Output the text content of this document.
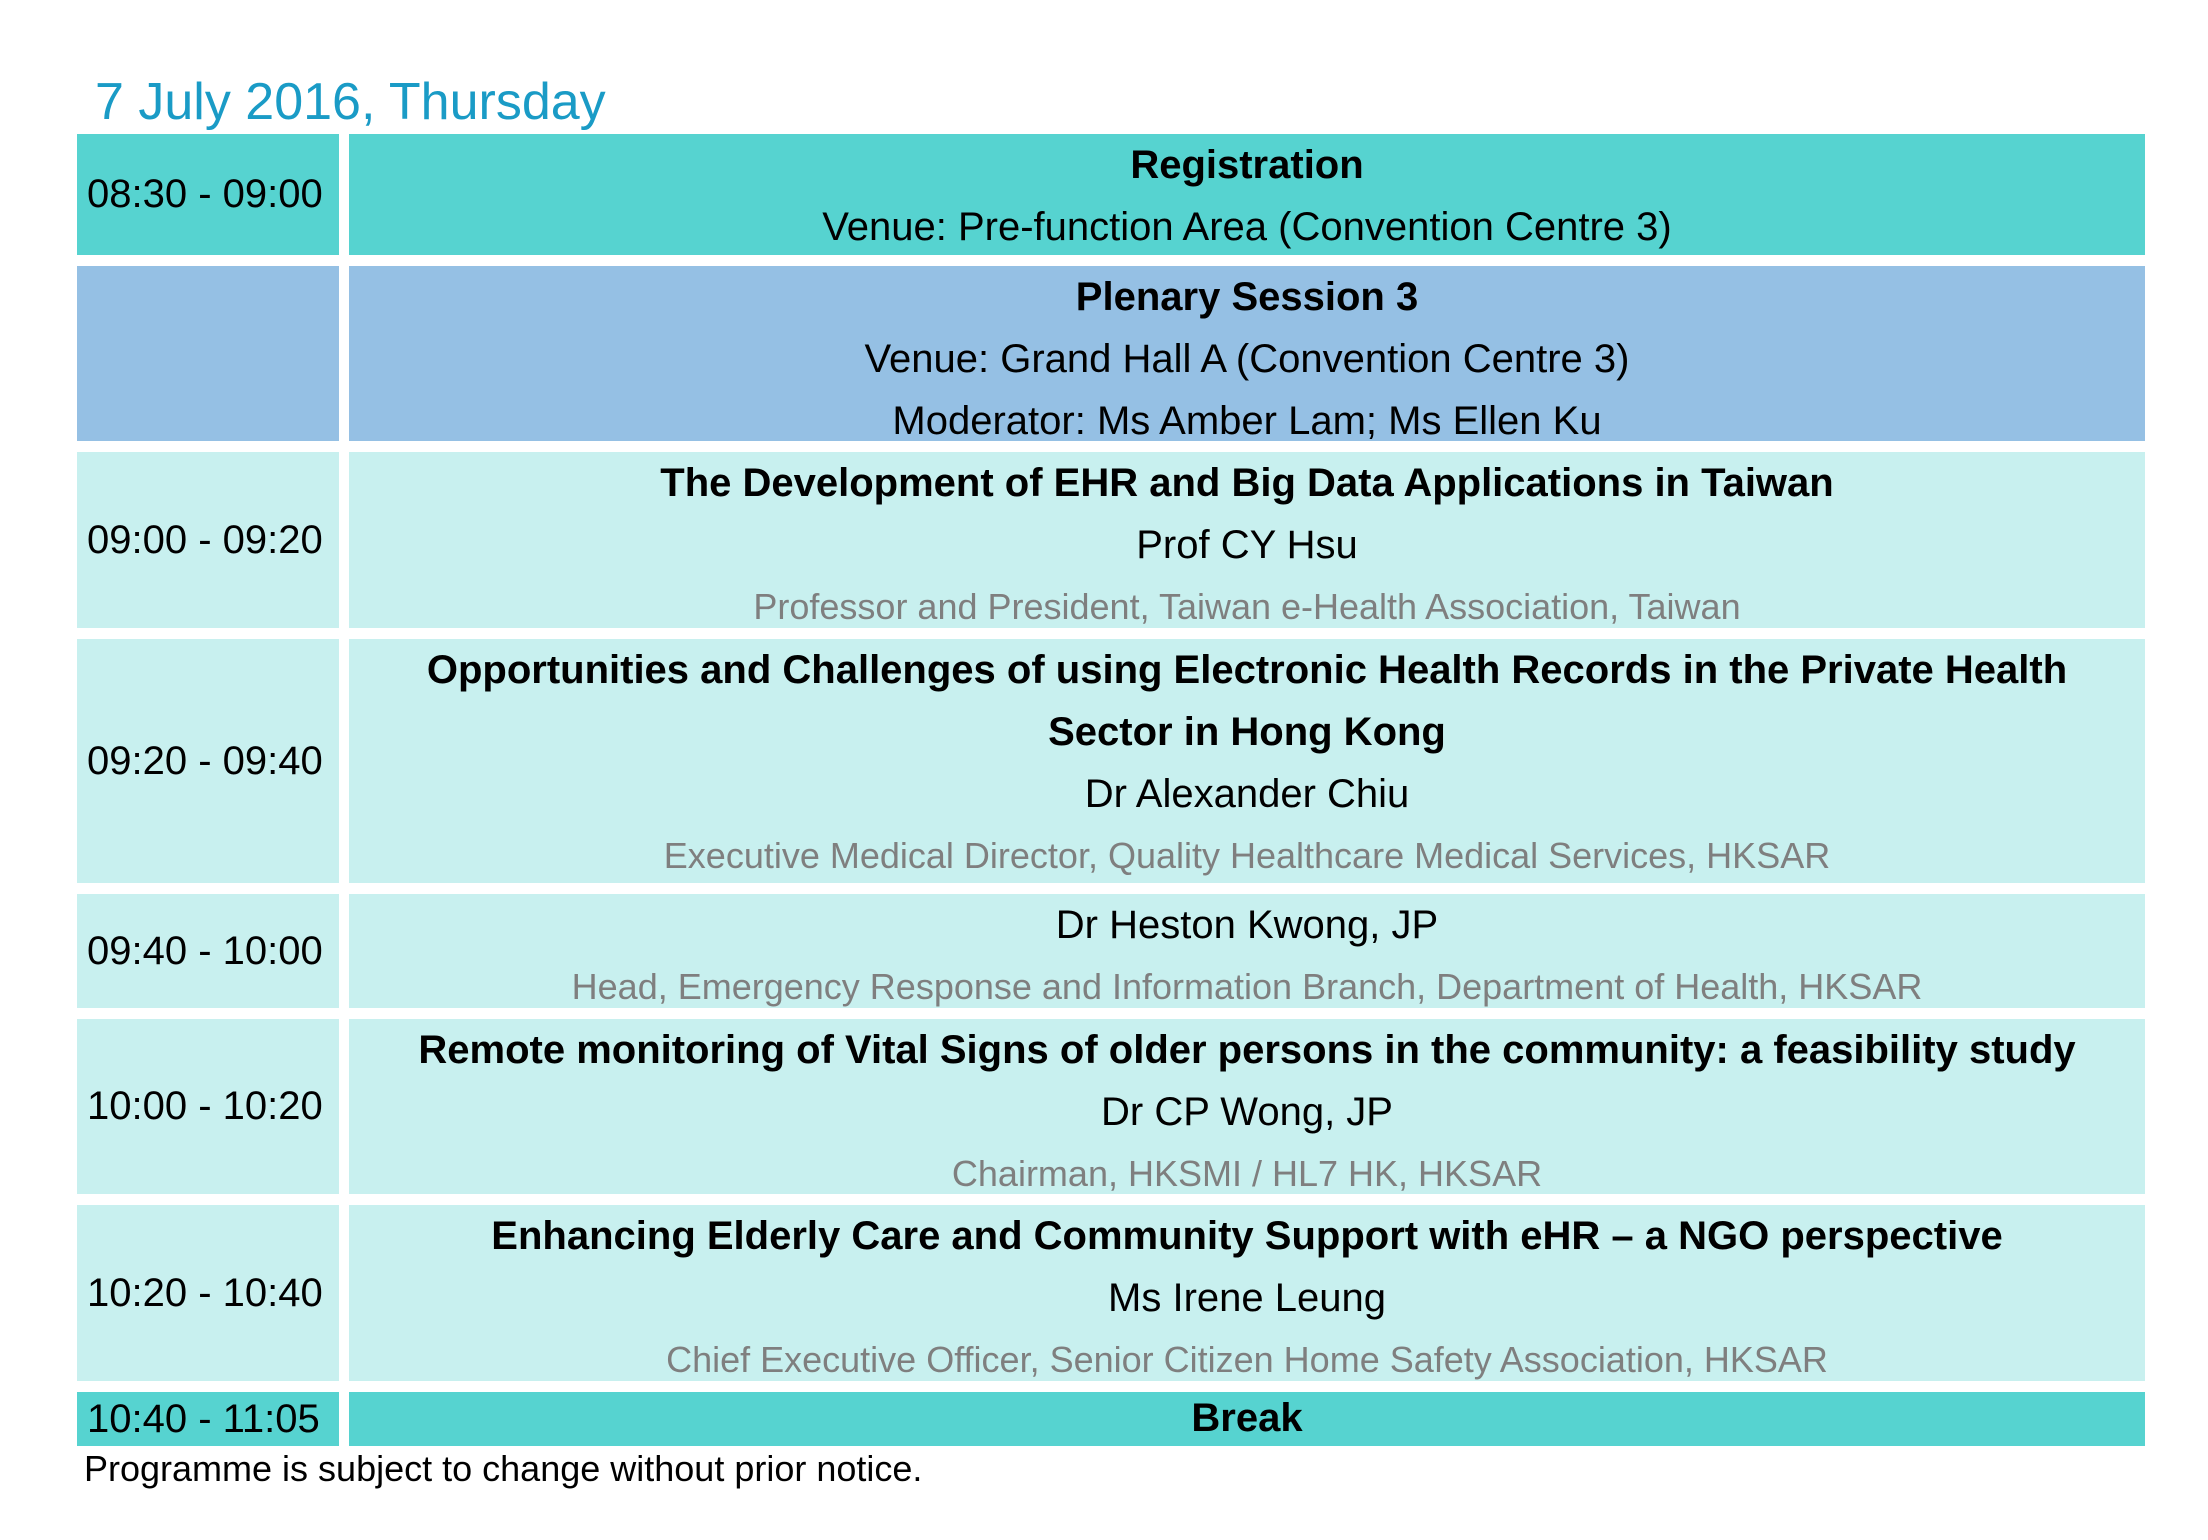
7 July 2016, Thursday
08:30 - 09:00
Registration
Venue: Pre-function Area (Convention Centre 3)
Plenary Session 3
Venue: Grand Hall A (Convention Centre 3)
Moderator: Ms Amber Lam; Ms Ellen Ku
09:00 - 09:20
The Development of EHR and Big Data Applications in Taiwan
Prof CY Hsu
Professor and President, Taiwan e-Health Association, Taiwan
09:20 - 09:40
Opportunities and Challenges of using Electronic Health Records in the Private Health Sector in Hong Kong
Dr Alexander Chiu
Executive Medical Director, Quality Healthcare Medical Services, HKSAR
09:40 - 10:00
Dr Heston Kwong, JP
Head, Emergency Response and Information Branch, Department of Health, HKSAR
10:00 - 10:20
Remote monitoring of Vital Signs of older persons in the community: a feasibility study
Dr CP Wong, JP
Chairman, HKSMI / HL7 HK, HKSAR
10:20 - 10:40
Enhancing Elderly Care and Community Support with eHR – a NGO perspective
Ms Irene Leung
Chief Executive Officer, Senior Citizen Home Safety Association, HKSAR
10:40 - 11:05	Break
Programme is subject to change without prior notice.
